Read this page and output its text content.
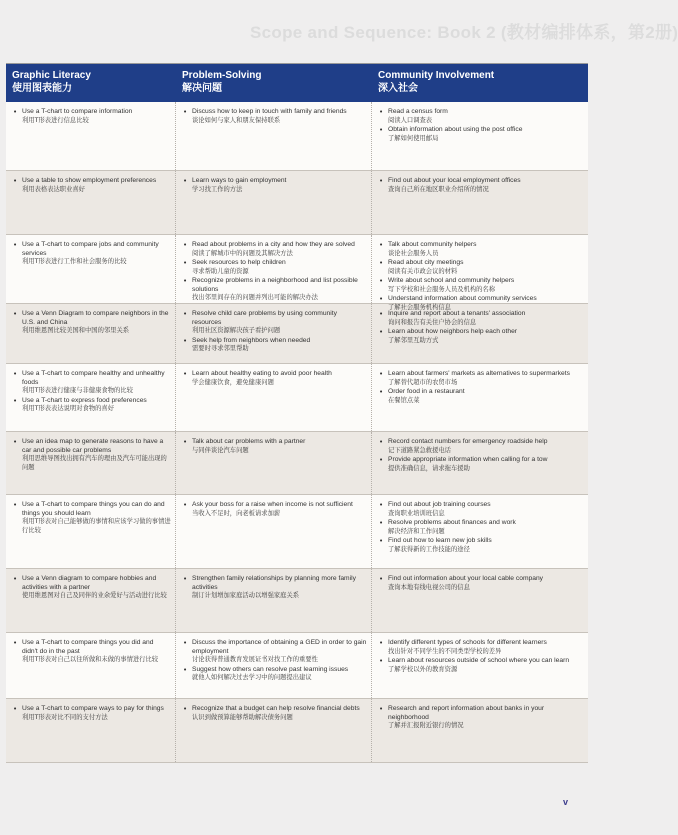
Scope and Sequence: Book 2 (教材编排体系，第2册)
Graphic Literacy
使用图表能力
Problem-Solving
解决问题
Community Involvement
深入社会
• Use a T-chart to compare information
利用T形表进行信息比较
• Discuss how to keep in touch with family and friends
谈论如何与家人和朋友保持联系
• Read a census form
阅读人口调查表
• Obtain information about using the post office
了解如何使用邮局
• Use a table to show employment preferences
利用表格表达职业喜好
• Learn ways to gain employment
学习找工作的方法
• Find out about your local employment offices
查询自己所在地区职业介绍所的情况
• Use a T-chart to compare jobs and community services
利用T形表进行工作和社会服务的比较
• Read about problems in a city and how they are solved
阅读了解城市中的问题及其解决方法
• Seek resources to help children
寻求帮助儿童的资源
• Recognize problems in a neighborhood and list possible solutions
找出邻里间存在的问题并列出可能的解决办法
• Talk about community helpers
谈论社会服务人员
• Read about city meetings
阅读有关市政会议的材料
• Write about school and community helpers
写下学校和社会服务人员及机构的名称
• Understand information about community services
了解社会服务机构信息
• Use a Venn Diagram to compare neighbors in the U.S. and China
利用维恩图比较美国和中国的邻里关系
• Resolve child care problems by using community resources
利用社区资源解决孩子看护问题
• Seek help from neighbors when needed
需要时寻求邻里帮助
• Inquire and report about a tenants' association
询问和报告有关住户协会的信息
• Learn about how neighbors help each other
了解邻里互助方式
• Use a T-chart to compare healthy and unhealthy foods
利用T形表进行健康与非健康食物的比较
• Use a T-chart to express food preferences
利用T形表表达说明对食物的喜好
• Learn about healthy eating to avoid poor health
学会健康饮食，避免健康问题
• Learn about farmers' markets as alternatives to supermarkets
了解替代超市的农贸市场
• Order food in a restaurant
在餐馆点菜
• Use an idea map to generate reasons to have a car and possible car problems
利用思维导图找出拥有汽车的理由及汽车可能出现的问题
• Talk about car problems with a partner
与同伴谈论汽车问题
• Record contact numbers for emergency roadside help
记下道路紧急救援电话
• Provide appropriate information when calling for a tow
提供准确信息，请求拖车援助
• Use a T-chart to compare things you can do and things you should learn
利用T形表对自己能够做的事情和应该学习做的事情进行比较
• Ask your boss for a raise when income is not sufficient
当收入不足时，向老板请求加薪
• Find out about job training courses
查询职业培训班信息
• Resolve problems about finances and work
解决经济和工作问题
• Find out how to learn new job skills
了解获得新的工作技能的途径
• Use a Venn diagram to compare hobbies and activities with a partner
使用维恩图对自己及同伴的业余爱好与活动进行比较
• Strengthen family relationships by planning more family activities
制订计划增加家庭活动以增强家庭关系
• Find out information about your local cable company
查询本地有线电视公司的信息
• Use a T-chart to compare things you did and didn't do in the past
利用T形表对自己以往所做和未做的事情进行比较
• Discuss the importance of obtaining a GED in order to gain employment
讨论获得普通教育发展证书对找工作的重要性
• Suggest how others can resolve past learning issues
就他人如何解决过去学习中的问题提出建议
• Identify different types of schools for different learners
找出针对不同学生的不同类型学校的差异
• Learn about resources outside of school where you can learn
了解学校以外的教育资源
• Use a T-chart to compare ways to pay for things
利用T形表对比不同的支付方法
• Recognize that a budget can help resolve financial debts
认识到做预算能够帮助解决债务问题
• Research and report information about banks in your neighborhood
了解并汇报附近银行的情况
v
